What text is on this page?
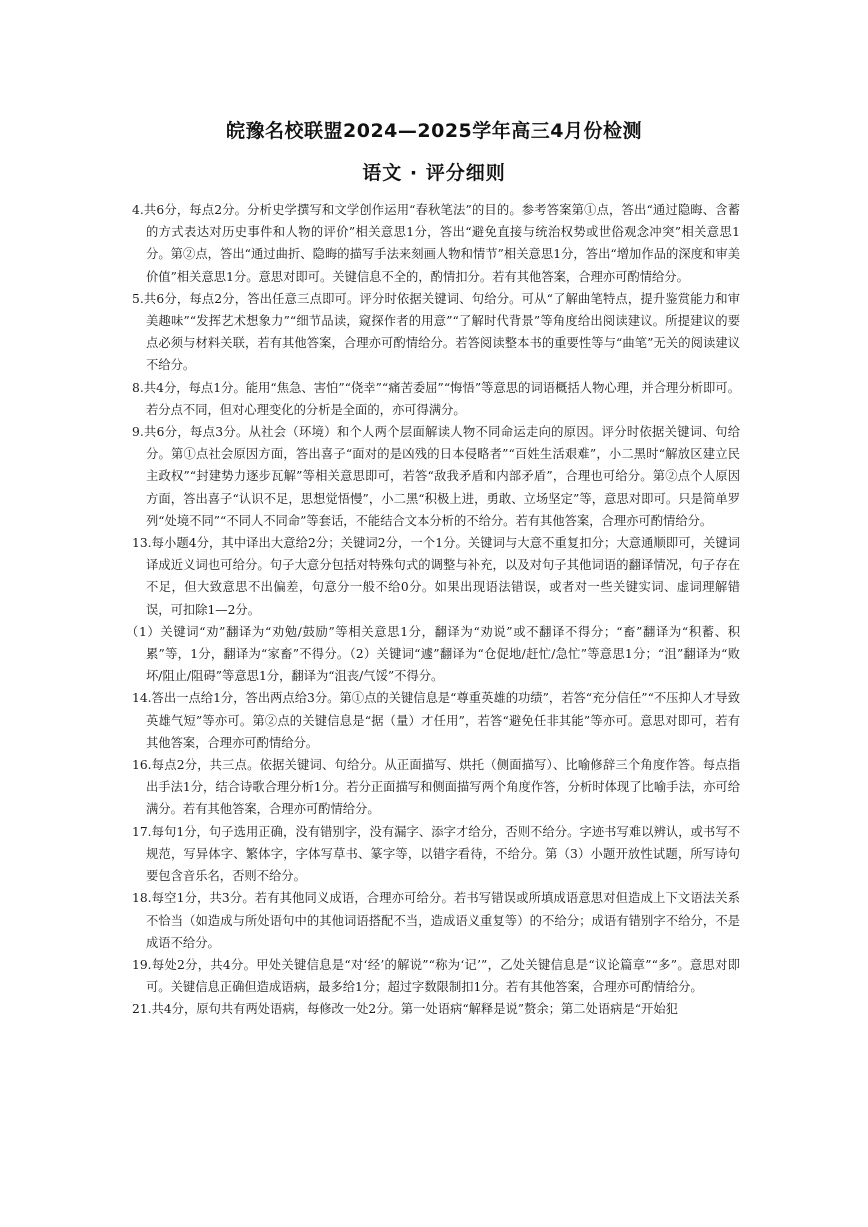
皖豫名校联盟2024—2025学年高三4月份检测
语文 · 评分细则

4.共6分，每点2分。分析史学撰写和文学创作运用“春秋笔法”的目的。参考答案第①点，答出“通过隐晦、含蓄的方式表达对历史事件和人物的评价”相关意思1分，答出“避免直接与统治权势或世俗观念冲突”相关意思1分。第②点，答出“通过曲折、隐晦的描写手法来刻画人物和情节”相关意思1分，答出“增加作品的深度和审美价值”相关意思1分。意思对即可。关键信息不全的，酌情扣分。若有其他答案，合理亦可酌情给分。

5.共6分，每点2分，答出任意三点即可。评分时依据关键词、句给分。可从“了解曲笔特点，提升鉴赏能力和审美趣味”“发挥艺术想象力”“细节品读，窥探作者的用意”“了解时代背景”等角度给出阅读建议。所提建议的要点必须与材料关联，若有其他答案，合理亦可酌情给分。若答阅读整本书的重要性等与“曲笔”无关的阅读建议不给分。

8.共4分，每点1分。能用“焦急、害怕”“侥幸”“痛苦委屈”“悔悟”等意思的词语概括人物心理，并合理分析即可。若分点不同，但对心理变化的分析是全面的，亦可得满分。

9.共6分，每点3分。从社会（环境）和个人两个层面解读人物不同命运走向的原因。评分时依据关键词、句给分。第①点社会原因方面，答出喜子“面对的是凶残的日本侵略者”“百姓生活艰难”，小二黑时“解放区建立民主政权”“封建势力逐步瓦解”等相关意思即可，若答“敌我矛盾和内部矛盾”，合理也可给分。第②点个人原因方面，答出喜子“认识不足，思想觉悟慢”，小二黑“积极上进，勇敢、立场坚定”等，意思对即可。只是简单罗列“处境不同”“不同人不同命”等套话，不能结合文本分析的不给分。若有其他答案，合理亦可酌情给分。

13.每小题4分，其中译出大意给2分；关键词2分，一个1分。关键词与大意不重复扣分；大意通顺即可，关键词译成近义词也可给分。句子大意分包括对特殊句式的调整与补充，以及对句子其他词语的翻译情况，句子存在不足，但大致意思不出偏差，句意分一般不给0分。如果出现语法错误，或者对一些关键实词、虚词理解错误，可扣除1—2分。

（1）关键词“劝”翻译为“劝勉/鼓励”等相关意思1分，翻译为“劝说”或不翻译不得分；“畜”翻译为“积蓄、积累”等，1分，翻译为“家畜”不得分。（2）关键词“遽”翻译为“仓促地/赶忙/急忙”等意思1分；“沮”翻译为“败坏/阻止/阻碍”等意思1分，翻译为“沮丧/气馁”不得分。

14.答出一点给1分，答出两点给3分。第①点的关键信息是“尊重英雄的功绩”，若答“充分信任”“不压抑人才导致英雄气短”等亦可。第②点的关键信息是“据（量）才任用”，若答“避免任非其能”等亦可。意思对即可，若有其他答案，合理亦可酌情给分。

16.每点2分，共三点。依据关键词、句给分。从正面描写、烘托（侧面描写）、比喻修辞三个角度作答。每点指出手法1分，结合诗歌合理分析1分。若分正面描写和侧面描写两个角度作答，分析时体现了比喻手法，亦可给满分。若有其他答案，合理亦可酌情给分。

17.每句1分，句子选用正确，没有错别字，没有漏字、添字才给分，否则不给分。字迹书写难以辨认，或书写不规范，写异体字、繁体字，字体写草书、篆字等，以错字看待，不给分。第（3）小题开放性试题，所写诗句要包含音乐名，否则不给分。

18.每空1分，共3分。若有其他同义成语，合理亦可给分。若书写错误或所填成语意思对但造成上下文语法关系不恰当（如造成与所处语句中的其他词语搭配不当，造成语义重复等）的不给分；成语有错别字不给分，不是成语不给分。

19.每处2分，共4分。甲处关键信息是“对‘经’的解说”“称为‘记’”，乙处关键信息是“议论篇章”“多”。意思对即可。关键信息正确但造成语病，最多给1分；超过字数限制扣1分。若有其他答案，合理亦可酌情给分。

21.共4分，原句共有两处语病，每修改一处2分。第一处语病“解释是说”赘余；第二处语病是“开始犯
